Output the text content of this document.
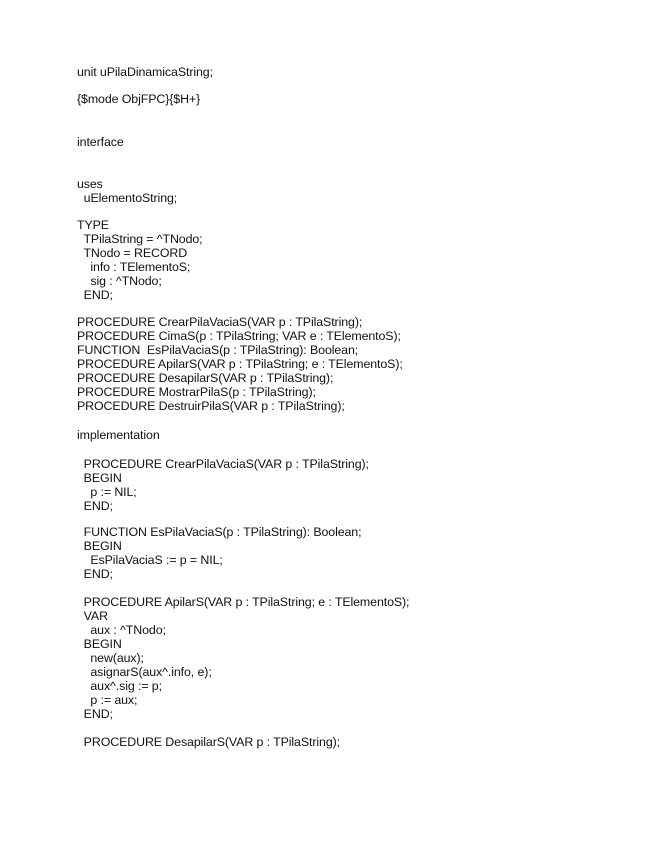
unit uPilaDinamicaString;
{$mode ObjFPC}{$H+}
interface
uses
uElementoString;
TYPE
TPilaString = ^TNodo;
TNodo = RECORD
info : TElementoS;
sig : ^TNodo;
END;
PROCEDURE CrearPilaVaciaS(VAR p : TPilaString);
PROCEDURE CimaS(p : TPilaString; VAR e : TElementoS);
FUNCTION  EsPilaVaciaS(p : TPilaString): Boolean;
PROCEDURE ApilarS(VAR p : TPilaString; e : TElementoS);
PROCEDURE DesapilarS(VAR p : TPilaString);
PROCEDURE MostrarPilaS(p : TPilaString);
PROCEDURE DestruirPilaS(VAR p : TPilaString);
implementation
PROCEDURE CrearPilaVaciaS(VAR p : TPilaString);
BEGIN
p := NIL;
END;
FUNCTION EsPilaVaciaS(p : TPilaString): Boolean;
BEGIN
EsPilaVaciaS := p = NIL;
END;
PROCEDURE ApilarS(VAR p : TPilaString; e : TElementoS);
VAR
aux : ^TNodo;
BEGIN
new(aux);
asignarS(aux^.info, e);
aux^.sig := p;
p := aux;
END;
PROCEDURE DesapilarS(VAR p : TPilaString);
